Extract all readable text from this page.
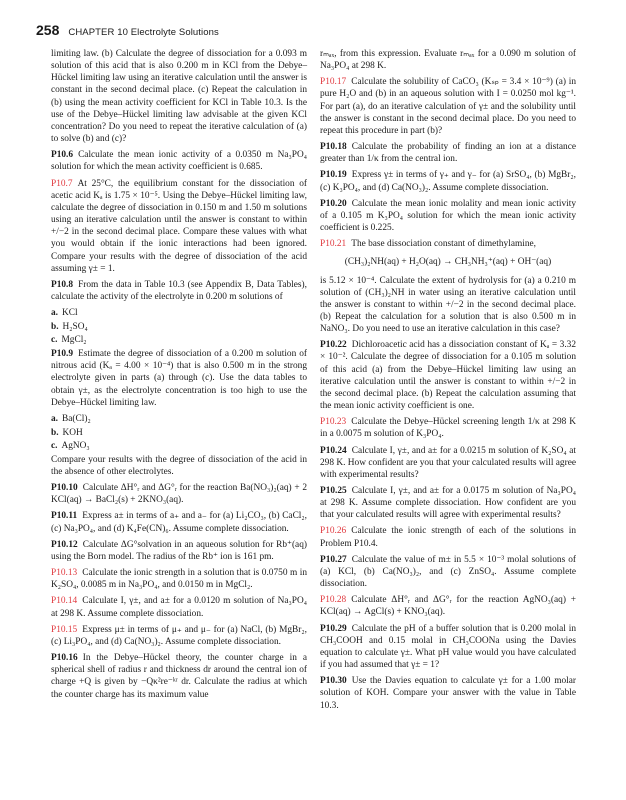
258 CHAPTER 10 Electrolyte Solutions
limiting law. (b) Calculate the degree of dissociation for a 0.093 m solution of this acid that is also 0.200 m in KCl from the Debye–Hückel limiting law using an iterative calculation until the answer is constant in the second decimal place. (c) Repeat the calculation in (b) using the mean activity coefficient for KCl in Table 10.3. Is the use of the Debye–Hückel limiting law advisable at the given KCl concentration? Do you need to repeat the iterative calculation of (a) to solve (b) and (c)?
P10.6 Calculate the mean ionic activity of a 0.0350 m Na₃PO₄ solution for which the mean activity coefficient is 0.685.
P10.7 At 25°C, the equilibrium constant for the dissociation of acetic acid Kₐ is 1.75 × 10⁻⁵. Using the Debye–Hückel limiting law, calculate the degree of dissociation in 0.150 m and 1.50 m solutions using an iterative calculation until the answer is constant to within +/−2 in the second decimal place. Compare these values with what you would obtain if the ionic interactions had been ignored. Compare your results with the degree of dissociation of the acid assuming γ± = 1.
P10.8 From the data in Table 10.3 (see Appendix B, Data Tables), calculate the activity of the electrolyte in 0.200 m solutions of
a. KCl
b. H₂SO₄
c. MgCl₂
P10.9 Estimate the degree of dissociation of a 0.200 m solution of nitrous acid (Kₐ = 4.00 × 10⁻⁴) that is also 0.500 m in the strong electrolyte given in parts (a) through (c). Use the data tables to obtain γ±, as the electrolyte concentration is too high to use the Debye–Hückel limiting law.
a. Ba(Cl)₂
b. KOH
c. AgNO₃
Compare your results with the degree of dissociation of the acid in the absence of other electrolytes.
P10.10 Calculate ΔH°ᵣ and ΔG°ᵣ for the reaction Ba(NO₃)₂(aq) + 2 KCl(aq) → BaCl₂(s) + 2KNO₃(aq).
P10.11 Express a± in terms of a₊ and a₋ for (a) Li₂CO₃, (b) CaCl₂, (c) Na₃PO₄, and (d) K₄Fe(CN)₆. Assume complete dissociation.
P10.12 Calculate ΔG°solvation in an aqueous solution for Rb⁺(aq) using the Born model. The radius of the Rb⁺ ion is 161 pm.
P10.13 Calculate the ionic strength in a solution that is 0.0750 m in K₂SO₄, 0.0085 m in Na₃PO₄, and 0.0150 m in MgCl₂.
P10.14 Calculate I, γ±, and a± for a 0.0120 m solution of Na₃PO₄ at 298 K. Assume complete dissociation.
P10.15 Express μ± in terms of μ₊ and μ₋ for (a) NaCl, (b) MgBr₂, (c) Li₃PO₄, and (d) Ca(NO₃)₂. Assume complete dissociation.
P10.16 In the Debye–Hückel theory, the counter charge in a spherical shell of radius r and thickness dr around the central ion of charge +Q is given by −Qκ²re⁻ᵏʳ dr. Calculate the radius at which the counter charge has its maximum value
rₘₐₓ, from this expression. Evaluate rₘₐₓ for a 0.090 m solution of Na₃PO₄ at 298 K.
P10.17 Calculate the solubility of CaCO₃ (Kₛₚ = 3.4 × 10⁻⁹) (a) in pure H₂O and (b) in an aqueous solution with I = 0.0250 mol kg⁻¹. For part (a), do an iterative calculation of γ± and the solubility until the answer is constant in the second decimal place. Do you need to repeat this procedure in part (b)?
P10.18 Calculate the probability of finding an ion at a distance greater than 1/κ from the central ion.
P10.19 Express γ± in terms of γ₊ and γ₋ for (a) SrSO₄, (b) MgBr₂, (c) K₃PO₄, and (d) Ca(NO₃)₂. Assume complete dissociation.
P10.20 Calculate the mean ionic molality and mean ionic activity of a 0.105 m K₃PO₄ solution for which the mean ionic activity coefficient is 0.225.
P10.21 The base dissociation constant of dimethylamine,
(CH₃)₂NH(aq) + H₂O(aq) → CH₃NH₃⁺(aq) + OH⁻(aq)
is 5.12 × 10⁻⁴. Calculate the extent of hydrolysis for (a) a 0.210 m solution of (CH₃)₂NH in water using an iterative calculation until the answer is constant to within +/−2 in the second decimal place. (b) Repeat the calculation for a solution that is also 0.500 m in NaNO₃. Do you need to use an iterative calculation in this case?
P10.22 Dichloroacetic acid has a dissociation constant of Kₐ = 3.32 × 10⁻². Calculate the degree of dissociation for a 0.105 m solution of this acid (a) from the Debye–Hückel limiting law using an iterative calculation until the answer is constant to within +/−2 in the second decimal place. (b) Repeat the calculation assuming that the mean ionic activity coefficient is one.
P10.23 Calculate the Debye–Hückel screening length 1/κ at 298 K in a 0.0075 m solution of K₃PO₄.
P10.24 Calculate I, γ±, and a± for a 0.0215 m solution of K₂SO₄ at 298 K. How confident are you that your calculated results will agree with experimental results?
P10.25 Calculate I, γ±, and a± for a 0.0175 m solution of Na₃PO₄ at 298 K. Assume complete dissociation. How confident are you that your calculated results will agree with experimental results?
P10.26 Calculate the ionic strength of each of the solutions in Problem P10.4.
P10.27 Calculate the value of m± in 5.5 × 10⁻³ molal solutions of (a) KCl, (b) Ca(NO₃)₂, and (c) ZnSO₄. Assume complete dissociation.
P10.28 Calculate ΔH°ᵣ and ΔG°ᵣ for the reaction AgNO₃(aq) + KCl(aq) → AgCl(s) + KNO₃(aq).
P10.29 Calculate the pH of a buffer solution that is 0.200 molal in CH₃COOH and 0.15 molal in CH₃COONa using the Davies equation to calculate γ±. What pH value would you have calculated if you had assumed that γ± = 1?
P10.30 Use the Davies equation to calculate γ± for a 1.00 molar solution of KOH. Compare your answer with the value in Table 10.3.
